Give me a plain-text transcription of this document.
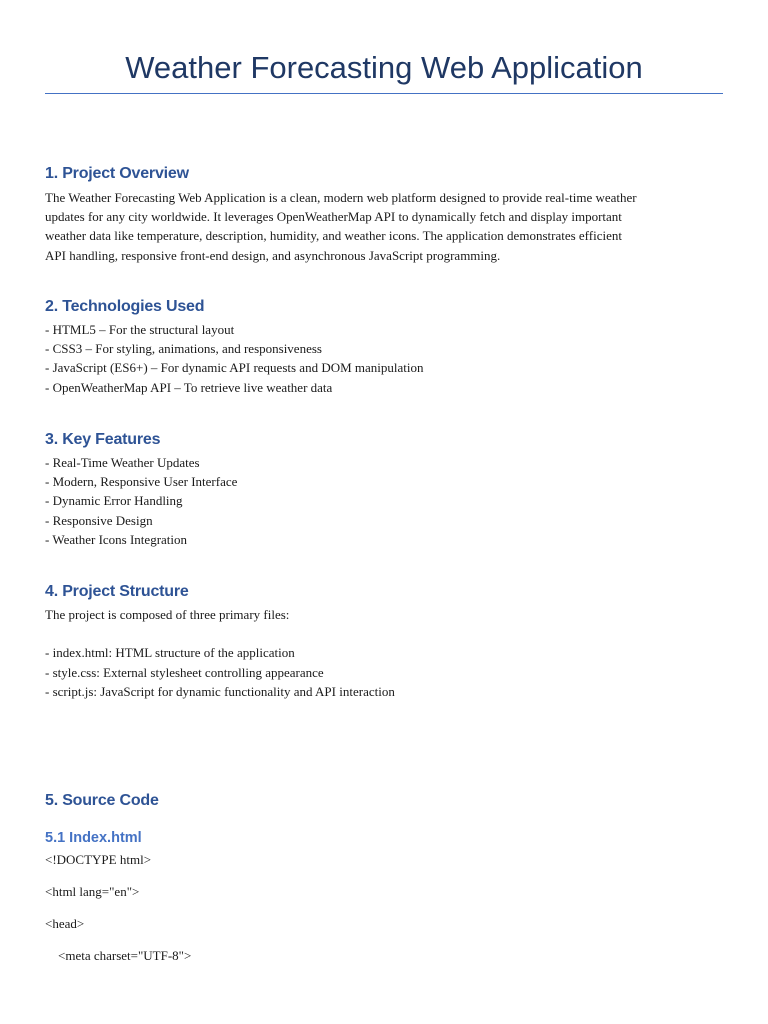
Weather Forecasting Web Application
1. Project Overview
The Weather Forecasting Web Application is a clean, modern web platform designed to provide real-time weather
updates for any city worldwide. It leverages OpenWeatherMap API to dynamically fetch and display important
weather data like temperature, description, humidity, and weather icons. The application demonstrates efficient
API handling, responsive front-end design, and asynchronous JavaScript programming.
2. Technologies Used
- HTML5 – For the structural layout
- CSS3 – For styling, animations, and responsiveness
- JavaScript (ES6+) – For dynamic API requests and DOM manipulation
- OpenWeatherMap API – To retrieve live weather data
3. Key Features
- Real-Time Weather Updates
- Modern, Responsive User Interface
- Dynamic Error Handling
- Responsive Design
- Weather Icons Integration
4. Project Structure
The project is composed of three primary files:
- index.html: HTML structure of the application
- style.css: External stylesheet controlling appearance
- script.js: JavaScript for dynamic functionality and API interaction
5. Source Code
5.1 Index.html
<!DOCTYPE html>
<html lang="en">
<head>
<meta charset="UTF-8">
